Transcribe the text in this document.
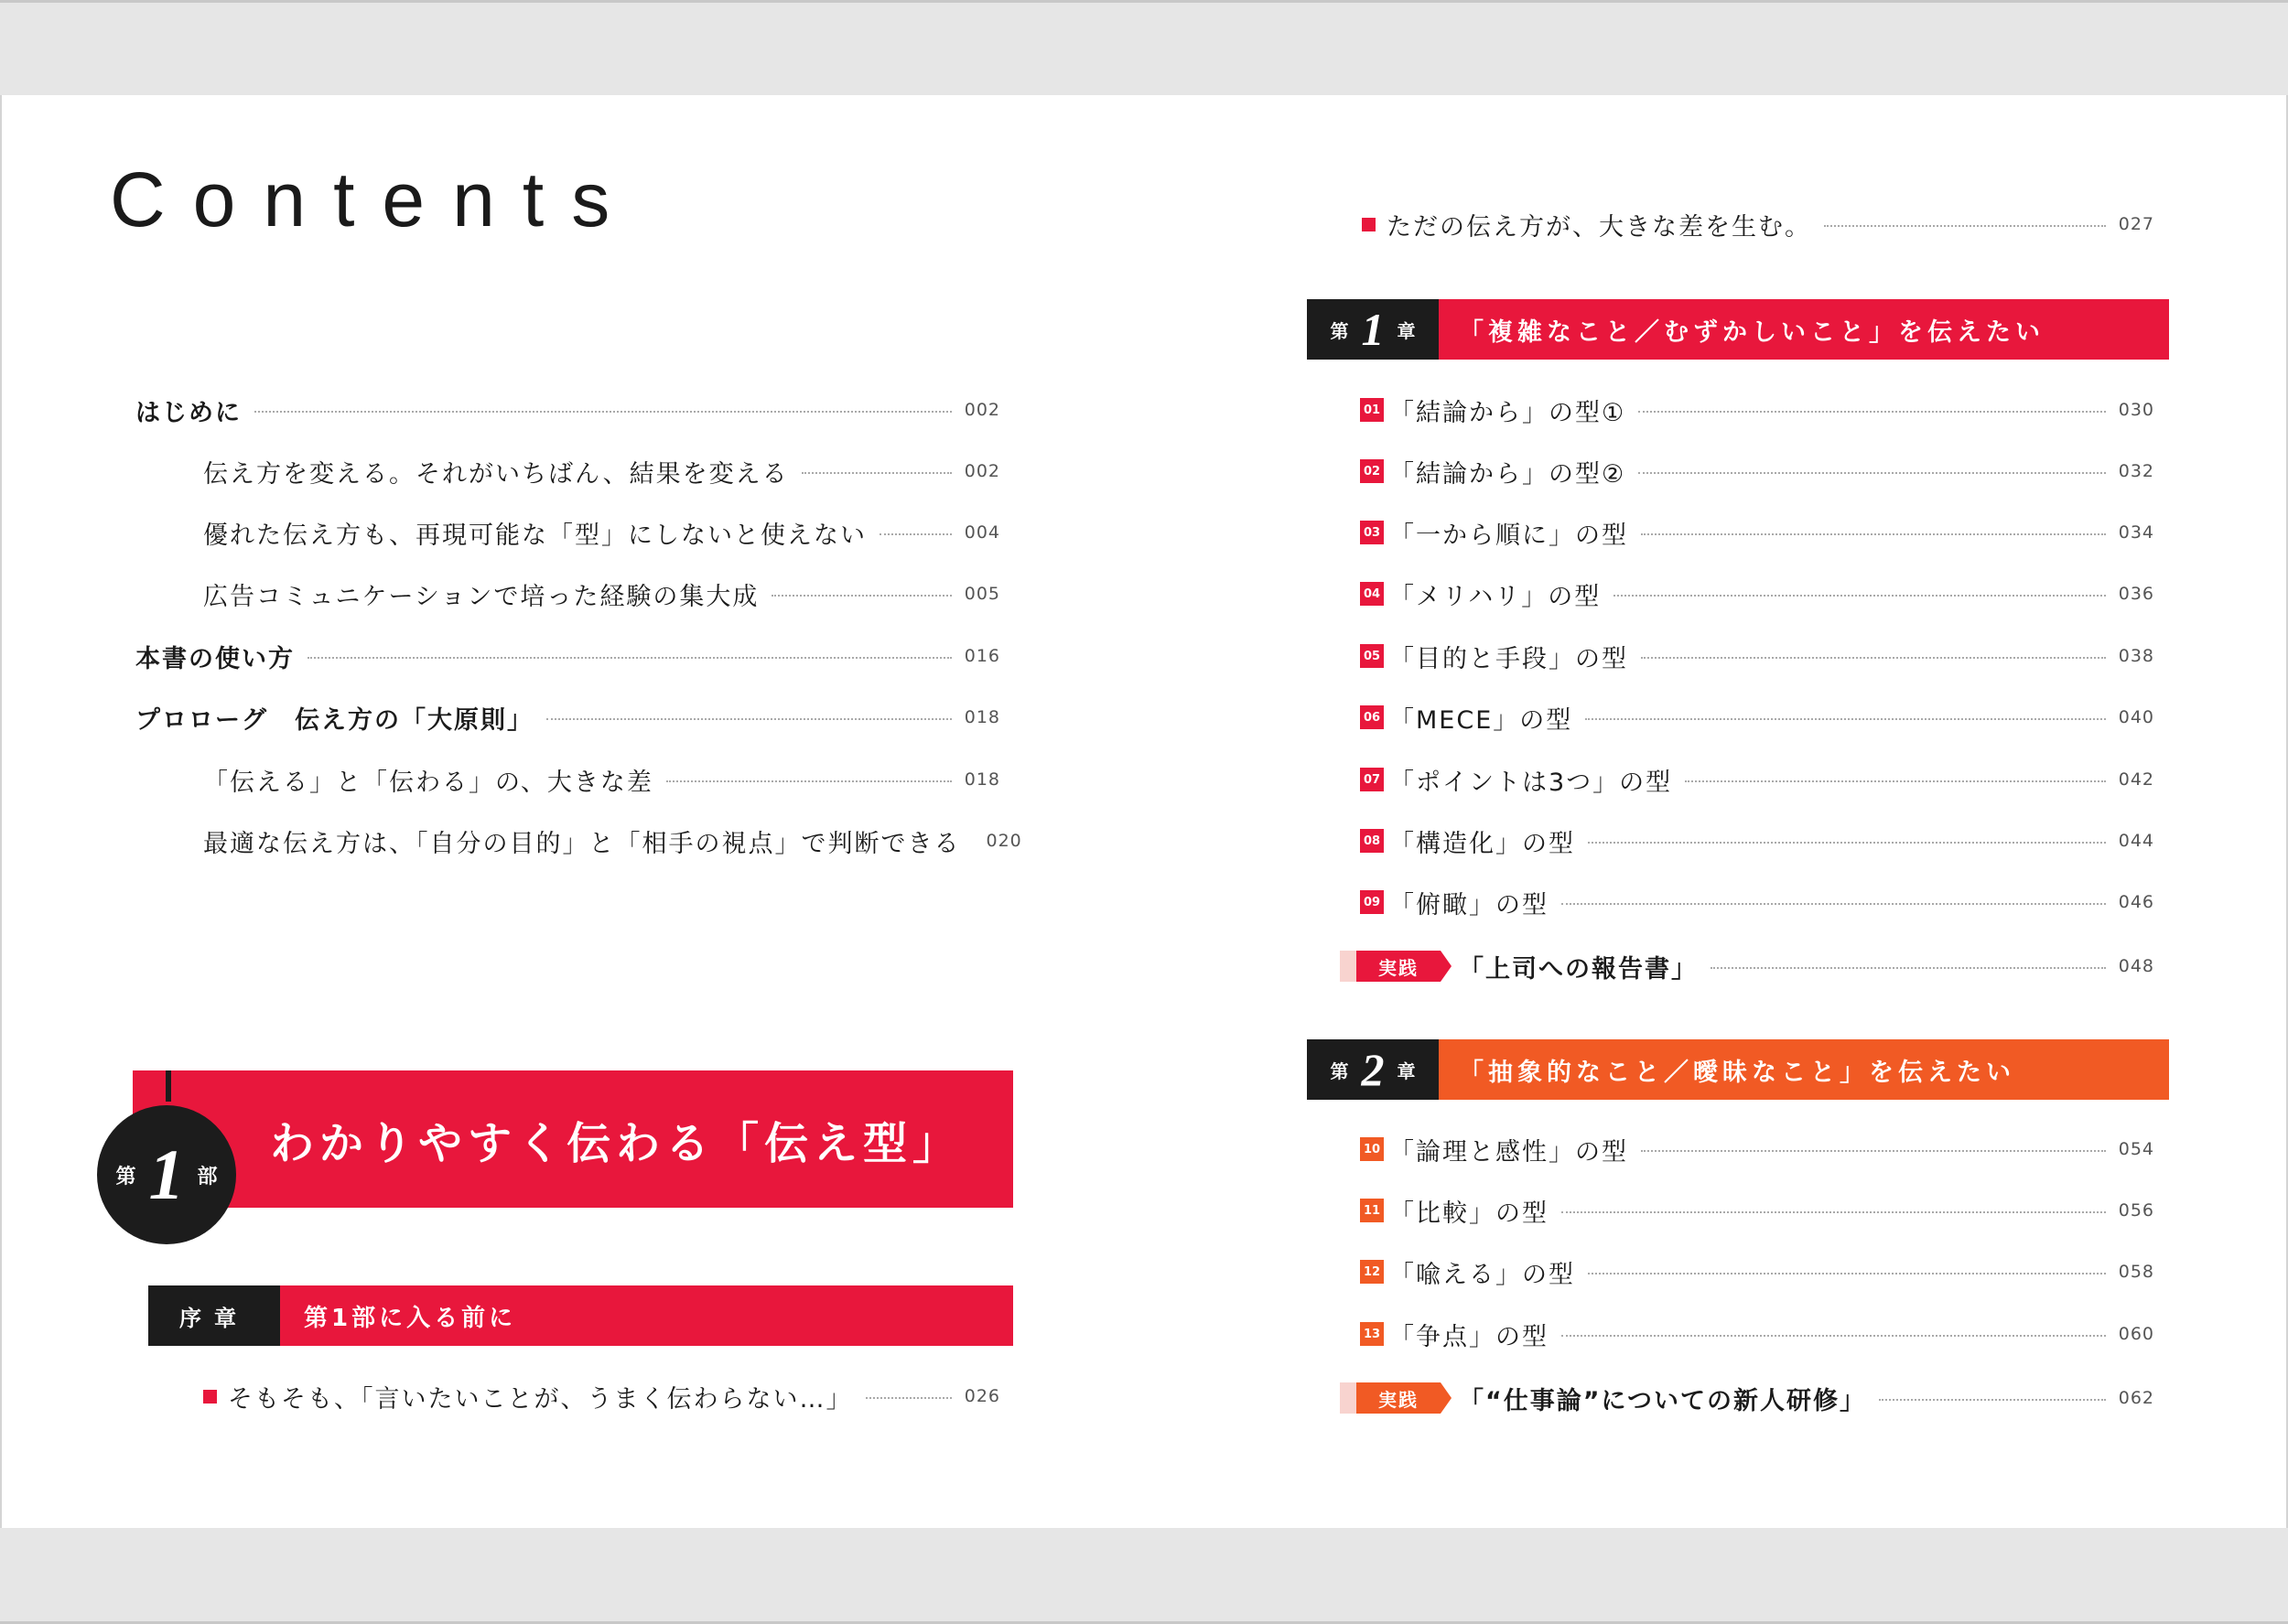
Contents
はじめに	002
伝え方を変える。それがいちばん、結果を変える	002
優れた伝え方も、再現可能な「型」にしないと使えない	004
広告コミュニケーションで培った経験の集大成	005
本書の使い方	016
プロローグ　伝え方の「大原則」	018
「伝える」と「伝わる」の、大きな差	018
最適な伝え方は、「自分の目的」と「相手の視点」で判断できる 020
わかりやすく伝わる「伝え型」
第 1 部
序章	第1部に入る前に
そもそも、「言いたいことが、うまく伝わらない…」	026
ただの伝え方が、大きな差を生む。	027
第 1 章	「複雑なこと／むずかしいこと」を伝えたい
01 「結論から」の型①	030
02 「結論から」の型②	032
03 「一から順に」の型	034
04 「メリハリ」の型	036
05 「目的と手段」の型	038
06 「MECE」の型	040
07 「ポイントは3つ」の型	042
08 「構造化」の型	044
09 「俯瞰」の型	046
実践	「上司への報告書」	048
第 2 章	「抽象的なこと／曖昧なこと」を伝えたい
10 「論理と感性」の型	054
11 「比較」の型	056
12 「喩える」の型	058
13 「争点」の型	060
実践	「“仕事論”についての新人研修」	062
